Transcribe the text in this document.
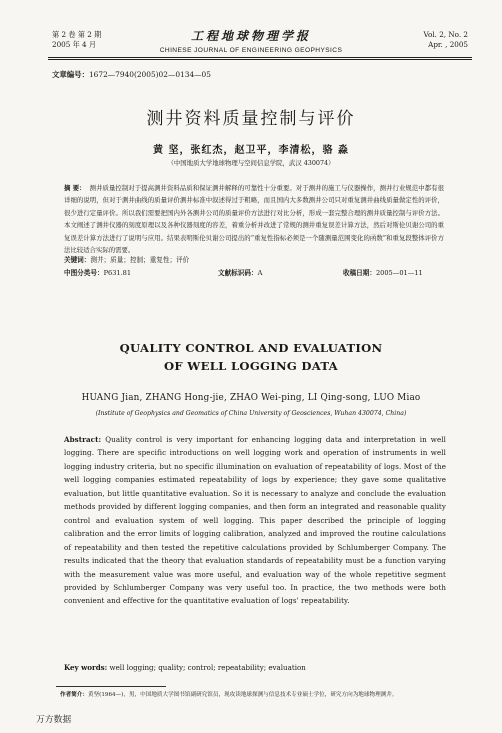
第 2 卷 第 2 期
2005 年 4 月
工程地球物理学报
CHINESE JOURNAL OF ENGINEERING GEOPHYSICS
Vol. 2, No. 2
Apr. , 2005
文章编号：1672—7940(2005)02—0134—05
测井资料质量控制与评价
黄 坚，张红杰，赵卫平，李清松，骆 淼
（中国地质大学地球物理与空间信息学院，武汉 430074）
摘 要： 测井质量控制对于提高测井资料品质和保证测井解释的可靠性十分重要。对于测井的施工与仪器操作，测井行业规范中都有很详细的说明，但对于测井曲线的质量评价测井标准中叙述得过于粗略，而且国内大多数测井公司只对重复测井曲线质量做定性的评价，很少进行定量评价。所以我们需要把国内外各测井公司的质量评价方法进行对比分析，形成一套完整合理的测井质量控制与评价方法。本文阐述了测井仪器的刻度原理以及各种仪器刻度的容差，着重分析并改进了常规的测井重复误差计算方法，然后对斯伦贝谢公司的重复误差计算方法进行了说明与应用。结果表明斯伦贝谢公司提出的“重复性指标必须是一个随测量范围变化的函数”和重复段整体评价方法比较适合实际的需要。
关键词：测井；质量；控制；重复性；评价
中图分类号：P631.81	文献标识码：A	收稿日期：2005—01—11
QUALITY CONTROL AND EVALUATION
OF WELL LOGGING DATA
HUANG Jian, ZHANG Hong-jie, ZHAO Wei-ping, LI Qing-song, LUO Miao
(Institute of Geophysics and Geomatics of China University of Geosciences, Wuhan 430074, China)
Abstract: Quality control is very important for enhancing logging data and interpretation in well logging. There are specific introductions on well logging work and operation of instruments in well logging industry criteria, but no specific illumination on evaluation of repeatability of logs. Most of the well logging companies estimated repeatability of logs by experience; they gave some qualitative evaluation, but little quantitative evaluation. So it is necessary to analyze and conclude the evaluation methods provided by different logging companies, and then form an integrated and reasonable quality control and evaluation system of well logging. This paper described the principle of logging calibration and the error limits of logging calibration, analyzed and improved the routine calculations of repeatability and then tested the repetitive calculations provided by Schlumberger Company. The results indicated that the theory that evaluation standards of repeatability must be a function varying with the measurement value was more useful, and evaluation way of the whole repetitive segment provided by Schlumberger Company was very useful too. In practice, the two methods were both convenient and effective for the quantitative evaluation of logs' repeatability.
Key words: well logging; quality; control; repeatability; evaluation
作者简介：黄坚(1964—)，男，中国地质大学图书馆副研究馆员，现攻读地球探测与信息技术专业硕士学位，研究方向为地球物理测井。
万方数据
